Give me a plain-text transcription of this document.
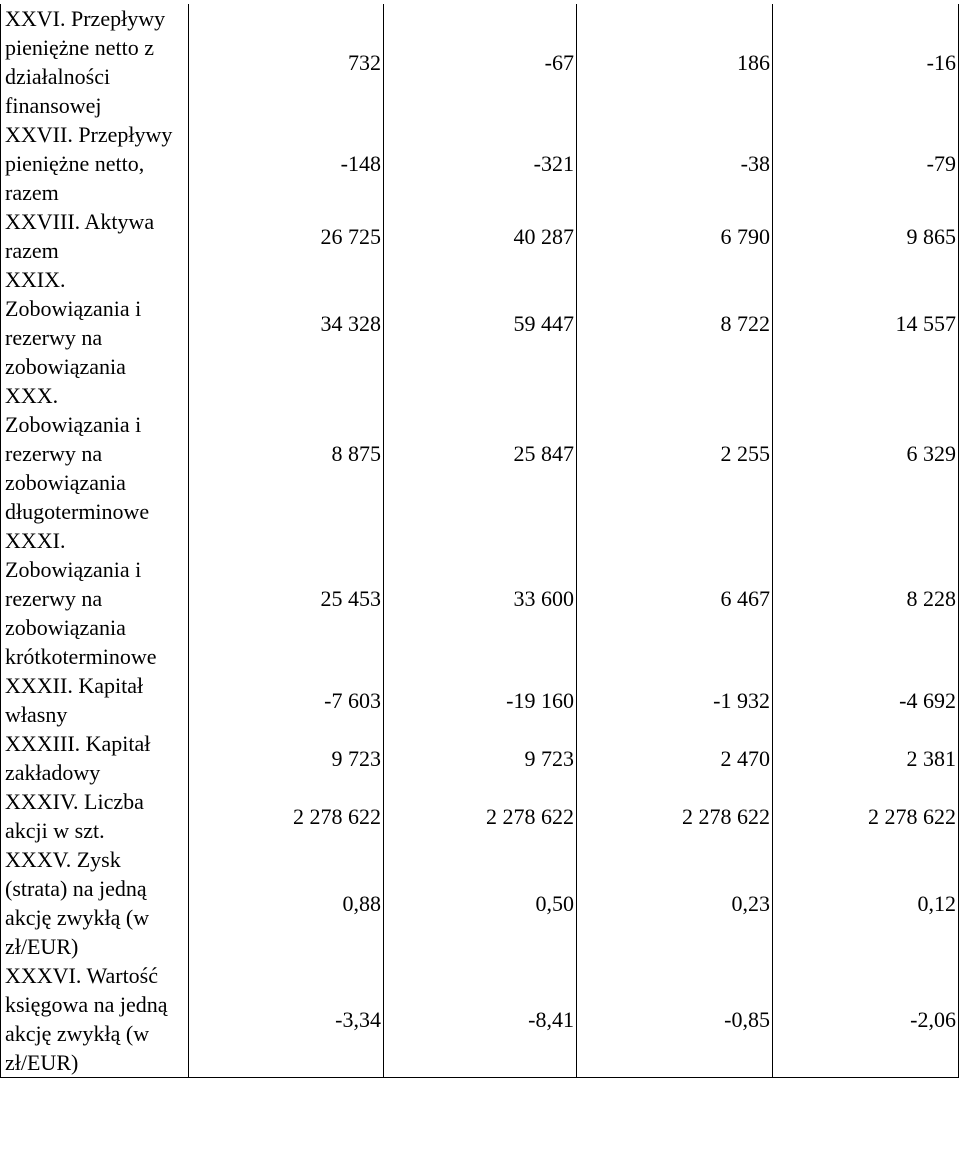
XXVI. Przepływy pieniężne netto z działalności finansowej	732	-67	186	-16
XXVII. Przepływy pieniężne netto, razem	-148	-321	-38	-79
XXVIII. Aktywa razem	26 725	40 287	6 790	9 865
XXIX. Zobowiązania i rezerwy na zobowiązania	34 328	59 447	8 722	14 557
XXX. Zobowiązania i rezerwy na zobowiązania długoterminowe	8 875	25 847	2 255	6 329
XXXI. Zobowiązania i rezerwy na zobowiązania krótkoterminowe	25 453	33 600	6 467	8 228
XXXII. Kapitał własny	-7 603	-19 160	-1 932	-4 692
XXXIII. Kapitał zakładowy	9 723	9 723	2 470	2 381
XXXIV. Liczba akcji w szt.	2 278 622	2 278 622	2 278 622	2 278 622
XXXV. Zysk (strata) na jedną akcję zwykłą (w zł/EUR)	0,88	0,50	0,23	0,12
XXXVI. Wartość księgowa na jedną akcję zwykłą (w zł/EUR)	-3,34	-8,41	-0,85	-2,06
